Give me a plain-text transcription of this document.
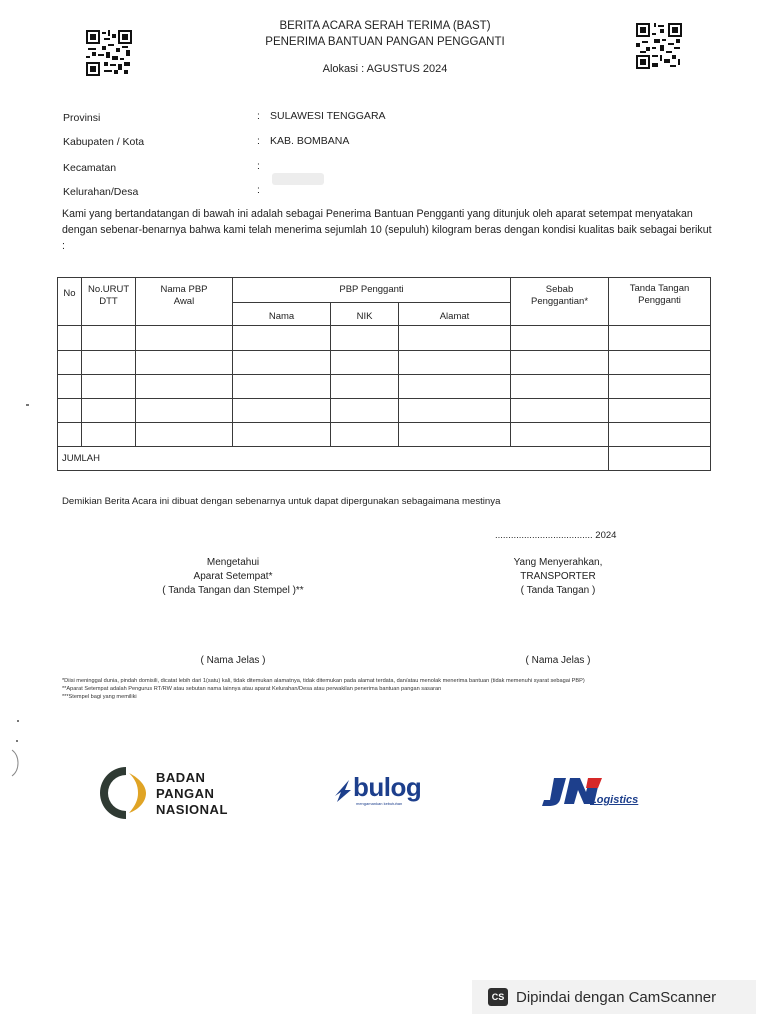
BERITA ACARA SERAH TERIMA (BAST)
PENERIMA BANTUAN PANGAN PENGGANTI
Alokasi : AGUSTUS 2024
Provinsi	: SULAWESI TENGGARA
Kabupaten / Kota	: KAB. BOMBANA
Kecamatan	:
Kelurahan/Desa	:
Kami yang bertandatangan di bawah ini adalah sebagai Penerima Bantuan Pengganti yang ditunjuk oleh aparat setempat menyatakan dengan sebenar-benarnya bahwa kami telah menerima sejumlah 10 (sepuluh) kilogram beras dengan kondisi kualitas baik sebagai berikut :
No	No.URUT DTT	Nama PBP Awal	PBP Pengganti			Sebab Penggantian*	Tanda Tangan Pengganti
			Nama	NIK	Alamat		

JUMLAH							
Demikian Berita Acara ini dibuat dengan sebenarnya untuk dapat dipergunakan sebagaimana mestinya
..................................... 2024
Mengetahui
Aparat Setempat*
( Tanda Tangan dan Stempel )**
Yang Menyerahkan,
TRANSPORTER
( Tanda Tangan )
( Nama Jelas )	( Nama Jelas )
*Diisi meninggal dunia, pindah domisili, dicatat lebih dari 1(satu) kali, tidak ditemukan alamatnya, tidak ditemukan pada alamat terdata, dan/atau menolak menerima bantuan (tidak memenuhi syarat sebagai PBP)
**Aparat Setempat adalah Pengurus RT/RW atau sebutan nama lainnya atau aparat Kelurahan/Desa atau perwakilan penerima bantuan pangan sasaran
***Stempel bagi yang memiliki
BADAN
PANGAN
NASIONAL
bulog
mengamankan kebutuhan	Logistics
CS Dipindai dengan CamScanner
